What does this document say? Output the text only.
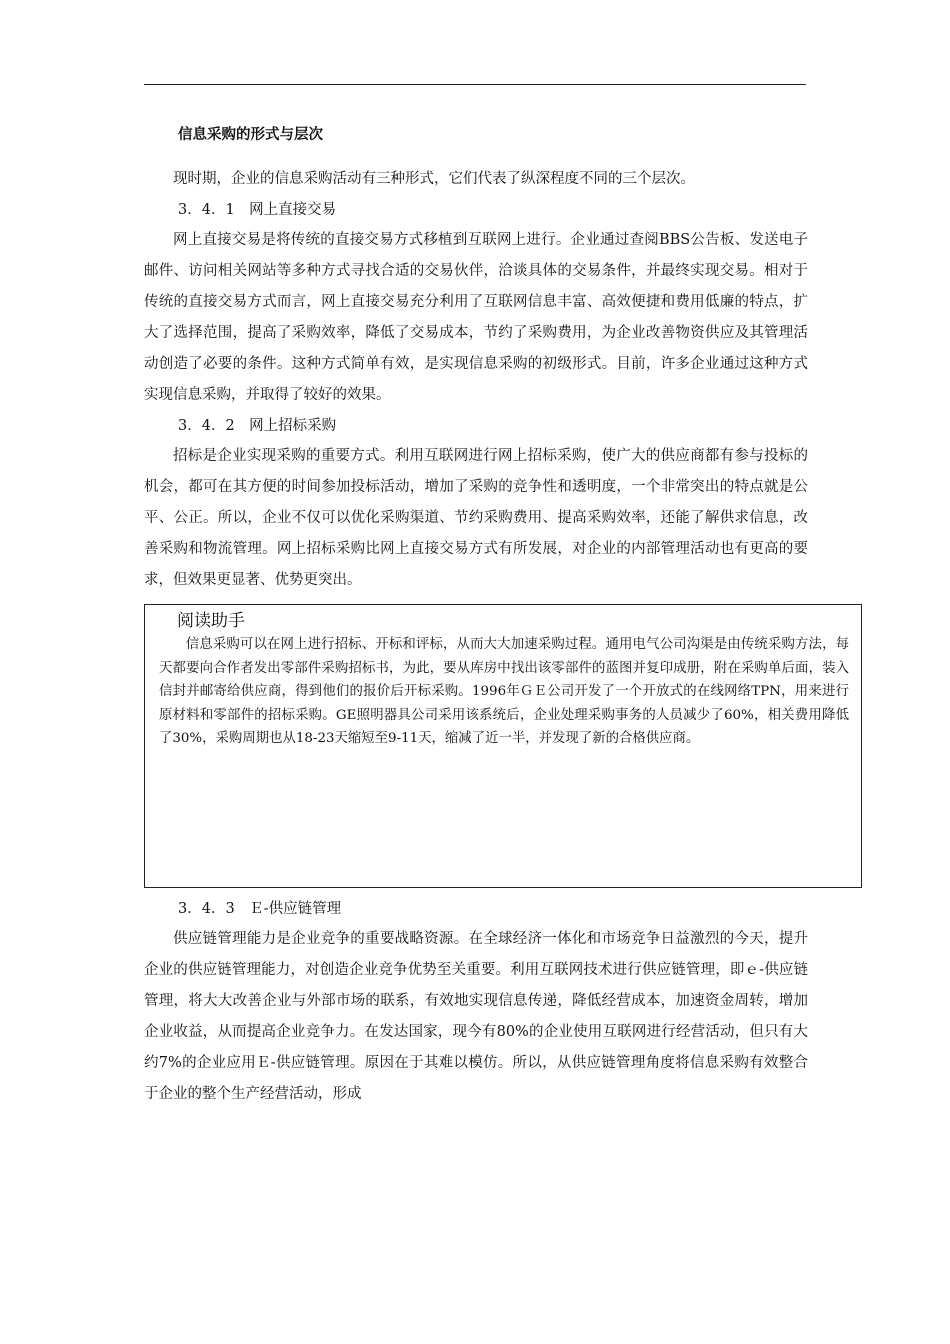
信息采购的形式与层次

现时期，企业的信息采购活动有三种形式，它们代表了纵深程度不同的三个层次。

3．4．1　网上直接交易

网上直接交易是将传统的直接交易方式移植到互联网上进行。企业通过查阅BBS公告板、发送电子邮件、访问相关网站等多种方式寻找合适的交易伙伴，洽谈具体的交易条件，并最终实现交易。相对于传统的直接交易方式而言，网上直接交易充分利用了互联网信息丰富、高效便捷和费用低廉的特点，扩大了选择范围，提高了采购效率，降低了交易成本，节约了采购费用，为企业改善物资供应及其管理活动创造了必要的条件。这种方式简单有效，是实现信息采购的初级形式。目前，许多企业通过这种方式实现信息采购，并取得了较好的效果。

3．4．2　网上招标采购

招标是企业实现采购的重要方式。利用互联网进行网上招标采购，使广大的供应商都有参与投标的机会，都可在其方便的时间参加投标活动，增加了采购的竞争性和透明度，一个非常突出的特点就是公平、公正。所以，企业不仅可以优化采购渠道、节约采购费用、提高采购效率，还能了解供求信息，改善采购和物流管理。网上招标采购比网上直接交易方式有所发展，对企业的内部管理活动也有更高的要求，但效果更显著、优势更突出。

阅读助手
信息采购可以在网上进行招标、开标和评标，从而大大加速采购过程。通用电气公司沟渠是由传统采购方法，每天都要向合作者发出零部件采购招标书，为此，要从库房中找出该零部件的蓝图并复印成册，附在采购单后面，装入信封并邮寄给供应商，得到他们的报价后开标采购。1996年ＧＥ公司开发了一个开放式的在线网络TPN，用来进行原材料和零部件的招标采购。GE照明器具公司采用该系统后，企业处理采购事务的人员减少了60%，相关费用降低了30%，采购周期也从18-23天缩短至9-11天，缩减了近一半，并发现了新的合格供应商。
3．4．3　Ｅ-供应链管理

供应链管理能力是企业竞争的重要战略资源。在全球经济一体化和市场竞争日益激烈的今天，提升企业的供应链管理能力，对创造企业竞争优势至关重要。利用互联网技术进行供应链管理，即ｅ-供应链管理，将大大改善企业与外部市场的联系，有效地实现信息传递，降低经营成本，加速资金周转，增加企业收益，从而提高企业竞争力。在发达国家，现今有80%的企业使用互联网进行经营活动，但只有大约7%的企业应用Ｅ-供应链管理。原因在于其难以模仿。所以，从供应链管理角度将信息采购有效整合于企业的整个生产经营活动，形成
